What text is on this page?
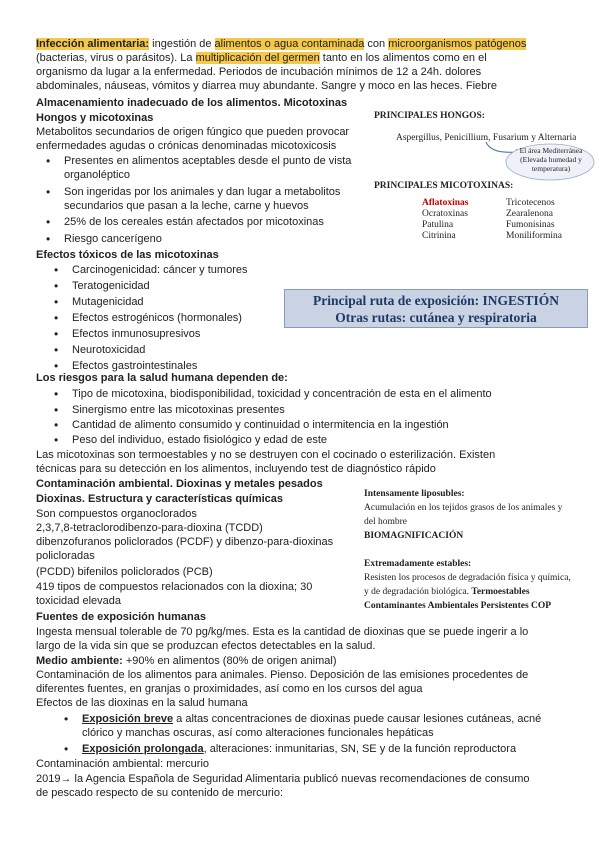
Infección alimentaria: ingestión de alimentos o agua contaminada con microorganismos patógenos
(bacterias, virus o parásitos). La multiplicación del germen tanto en los alimentos como en el
organismo da lugar a la enfermedad. Periodos de incubación mínimos de 12 a 24h. dolores
abdominales, náuseas, vómitos y diarrea muy abundante. Sangre y moco en las heces. Fiebre
Almacenamiento inadecuado de los alimentos. Micotoxinas
Hongos y micotoxinas
Metabolitos secundarios de origen fúngico que pueden provocar
enfermedades agudas o crónicas denominadas micotoxicosis
• Presentes en alimentos aceptables desde el punto de vista
organoléptico
• Son ingeridas por los animales y dan lugar a metabolitos
secundarios que pasan a la leche, carne y huevos
• 25% de los cereales están afectados por micotoxinas
• Riesgo cancerígeno
PRINCIPALES HONGOS:
Aspergillus, Penicillium, Fusarium y Alternaria
El área Mediterránea
(Elevada humedad y
temperatura)
PRINCIPALES MICOTOXINAS:
Aflatoxinas
Ocratoxinas
Patulina
Citrinina
Tricotecenos
Zearalenona
Fumonisinas
Moniliformina
Efectos tóxicos de las micotoxinas
• Carcinogenicidad: cáncer y tumores
• Teratogenicidad
• Mutagenicidad
• Efectos estrogénicos (hormonales)
• Efectos inmunosupresivos
• Neurotoxicidad
• Efectos gastrointestinales
Principal ruta de exposición: INGESTIÓN
Otras rutas: cutánea y respiratoria
Los riesgos para la salud humana dependen de:
• Tipo de micotoxina, biodisponibilidad, toxicidad y concentración de esta en el alimento
• Sinergismo entre las micotoxinas presentes
• Cantidad de alimento consumido y continuidad o intermitencia en la ingestión
• Peso del individuo, estado fisiológico y edad de este
Las micotoxinas son termoestables y no se destruyen con el cocinado o esterilización. Existen
técnicas para su detección en los alimentos, incluyendo test de diagnóstico rápido
Contaminación ambiental. Dioxinas y metales pesados
Dioxinas. Estructura y características químicas
Son compuestos organoclorados
2,3,7,8-tetraclorodibenzo-para-dioxina (TCDD)
dibenzofuranos policlorados (PCDF) y dibenzo-para-dioxinas
policloradas
(PCDD) bifenilos policlorados (PCB)
419 tipos de compuestos relacionados con la dioxina; 30
toxicidad elevada
Intensamente liposubles:
Acumulación en los tejidos grasos de los animales y
del hombre
BIOMAGNIFICACIÓN
Extremadamente estables:
Resisten los procesos de degradación física y química,
y de degradación biológica. Termoestables
Contaminantes Ambientales Persistentes COP
Fuentes de exposición humanas
Ingesta mensual tolerable de 70 pg/kg/mes. Esta es la cantidad de dioxinas que se puede ingerir a lo
largo de la vida sin que se produzcan efectos detectables en la salud.
Medio ambiente: +90% en alimentos (80% de origen animal)
Contaminación de los alimentos para animales. Pienso. Deposición de las emisiones procedentes de
diferentes fuentes, en granjas o proximidades, así como en los cursos del agua
Efectos de las dioxinas en la salud humana
• Exposición breve a altas concentraciones de dioxinas puede causar lesiones cutáneas, acné
clórico y manchas oscuras, así como alteraciones funcionales hepáticas
• Exposición prolongada, alteraciones: inmunitarias, SN, SE y de la función reproductora
Contaminación ambiental: mercurio
2019→ la Agencia Española de Seguridad Alimentaria publicó nuevas recomendaciones de consumo
de pescado respecto de su contenido de mercurio:
